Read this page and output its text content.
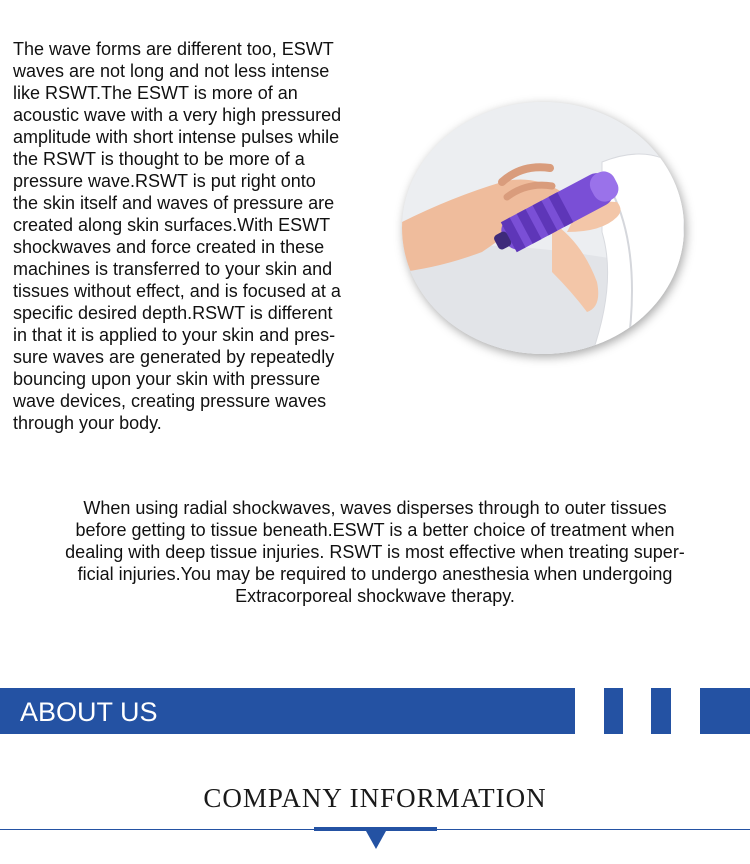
The wave forms are different too, ESWT
waves are not long and not less intense
like RSWT.The ESWT is more of an
acoustic wave with a very high pressured
amplitude with short intense pulses while
the RSWT is thought to be more of a
pressure wave.RSWT is put right onto
the skin itself and waves of pressure are
created along skin surfaces.With ESWT
shockwaves and force created in these
machines is transferred to your skin and
tissues without effect, and is focused at a
specific desired depth.RSWT is different
in that it is applied to your skin and pres-
sure waves are generated by repeatedly
bouncing upon your skin with pressure
wave devices, creating pressure waves
through your body.
When using radial shockwaves, waves disperses through to outer tissues
before getting to tissue beneath.ESWT is a better choice of treatment when
dealing with deep tissue injuries. RSWT is most effective when treating super-
ficial injuries.You may be required to undergo anesthesia when undergoing
Extracorporeal shockwave therapy.
ABOUT US
COMPANY INFORMATION
